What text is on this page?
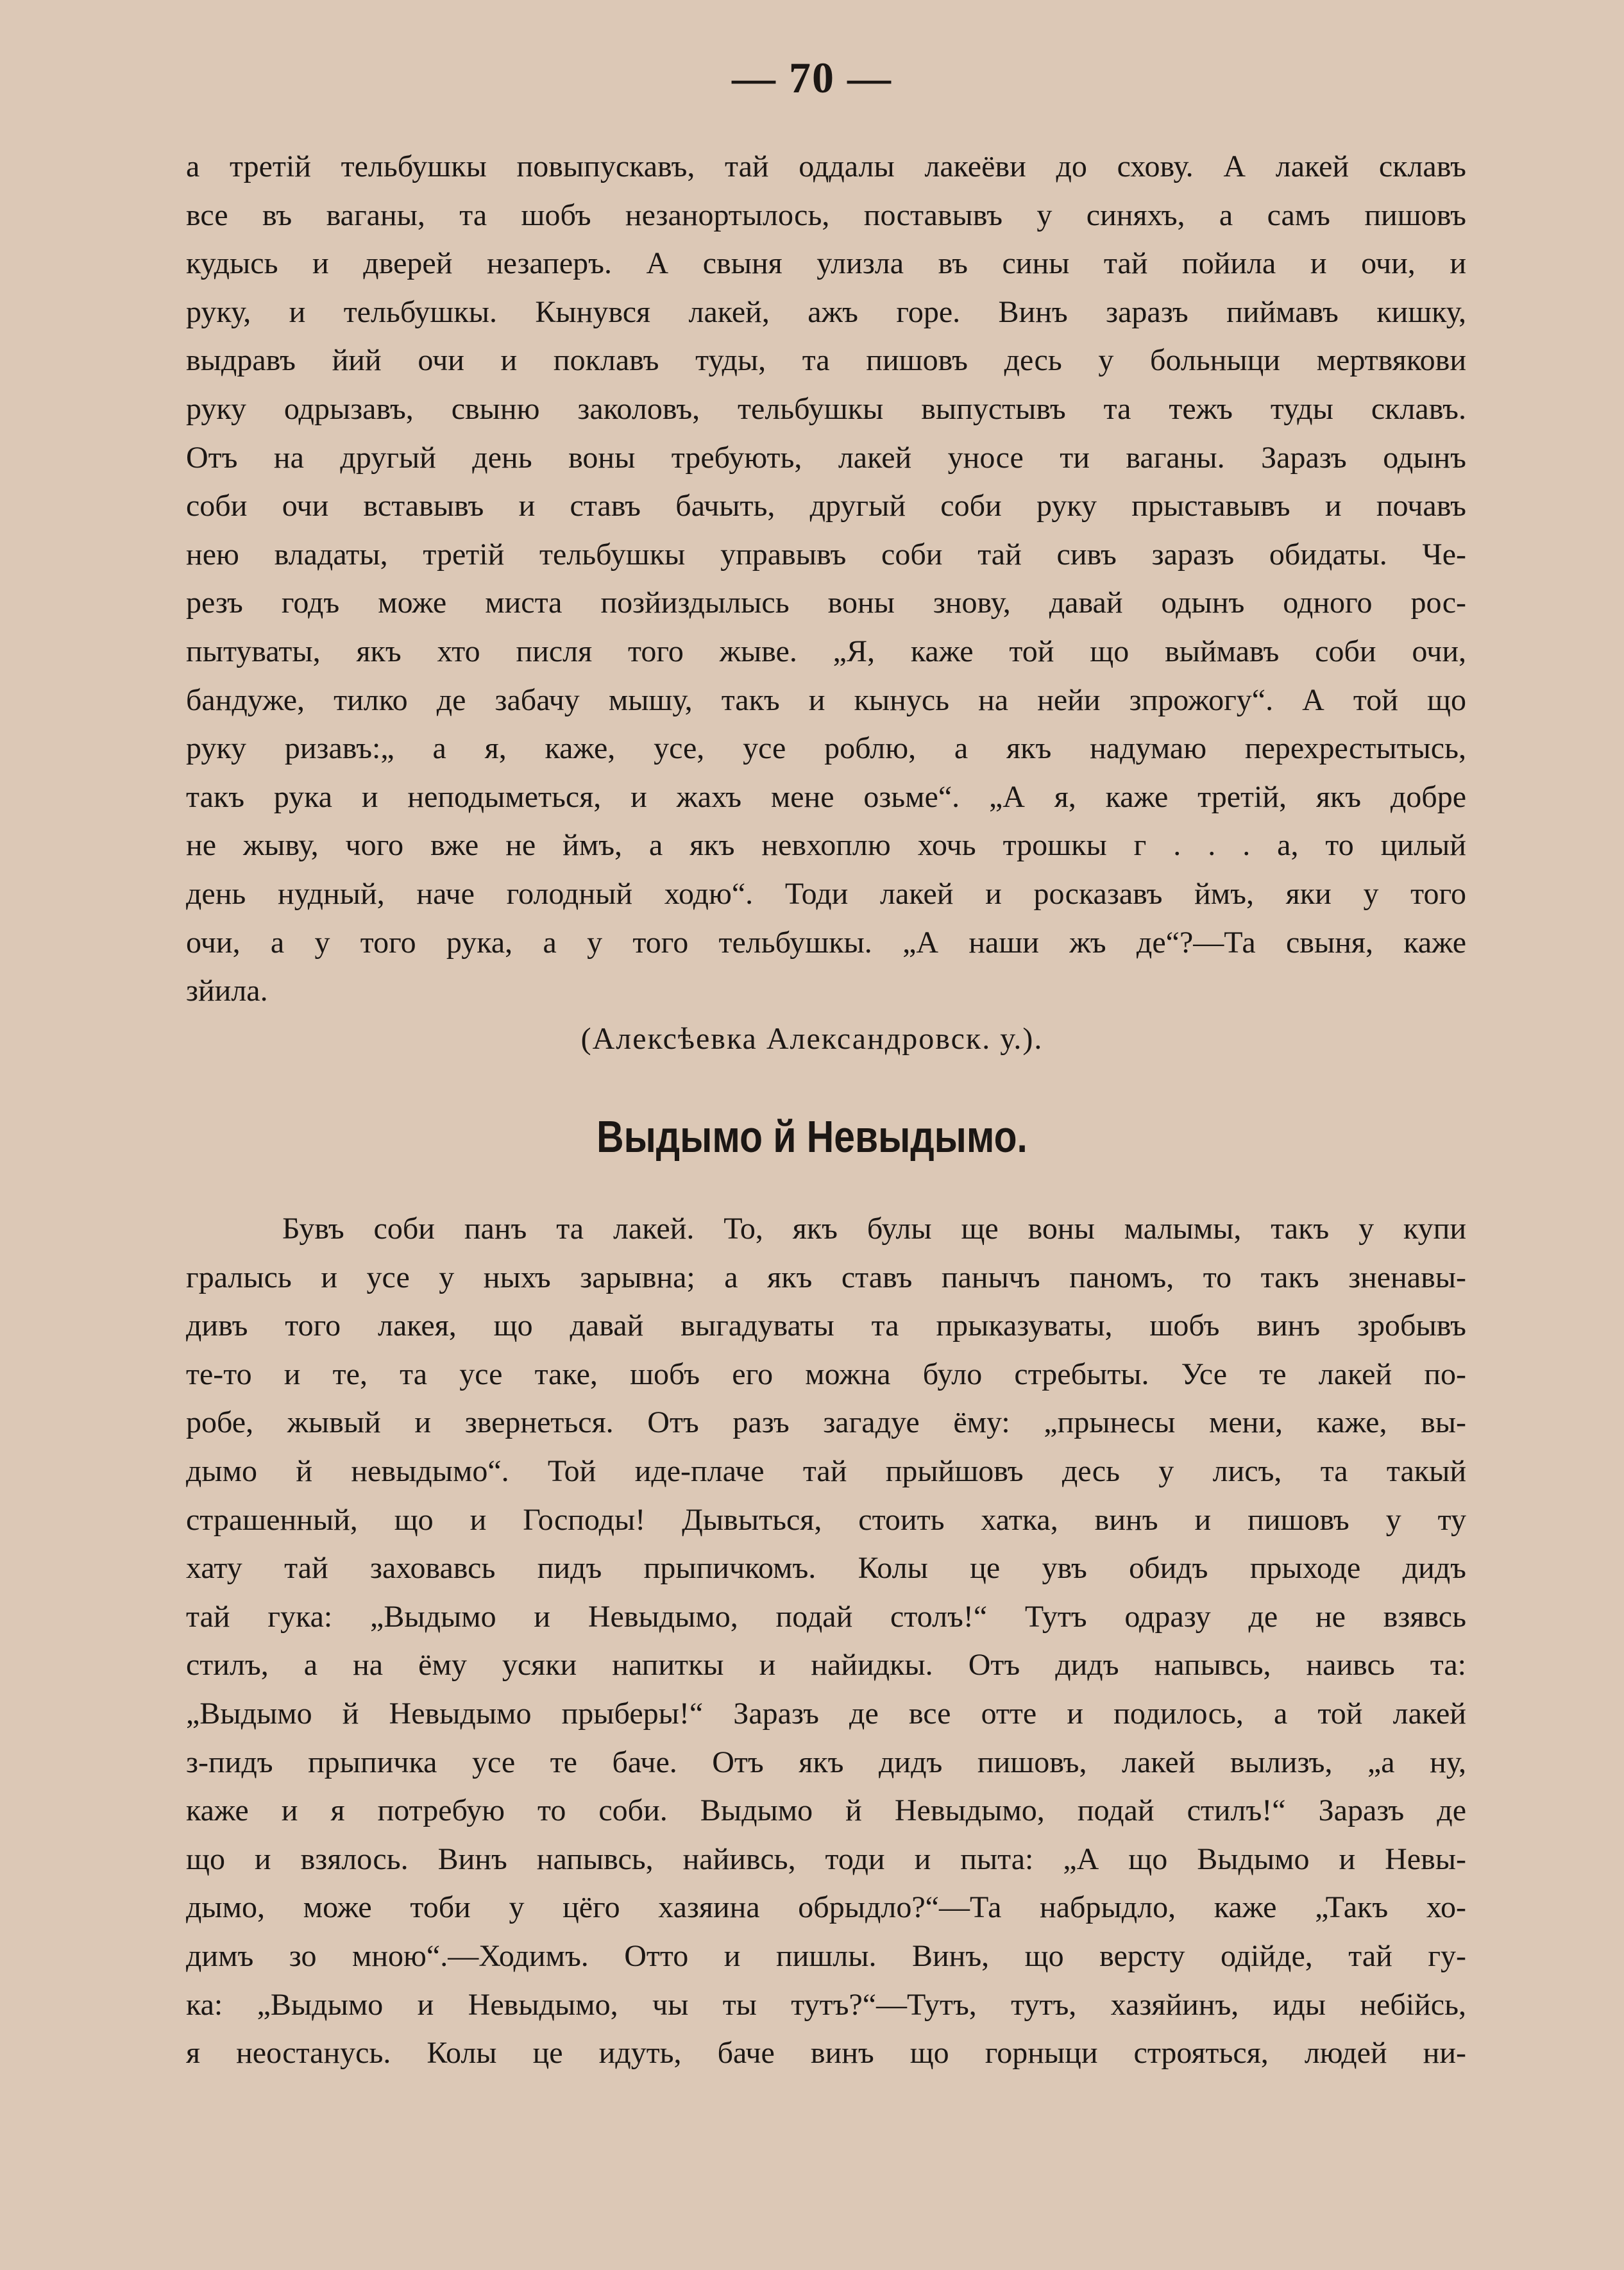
— 70 —
а третій тельбушкы повыпускавъ, тай оддалы лакеёви до схову. А лакей склавъ
все въ ваганы, та шобъ незанортылось, поставывъ у синяхъ, а самъ пишовъ
кудысь и дверей незаперъ. А свыня улизла въ сины тай пойила и очи, и
руку, и тельбушкы. Кынувся лакей, ажъ горе. Винъ заразъ пиймавъ кишку,
выдравъ йий очи и поклавъ туды, та пишовъ десь у больныци мертвякови
руку одрызавъ, свыню заколовъ, тельбушкы выпустывъ та тежъ туды склавъ.
Отъ на другый день воны требують, лакей уносе ти ваганы. Заразъ одынъ
соби очи вставывъ и ставъ бачыть, другый соби руку прыставывъ и почавъ
нею владаты, третій тельбушкы управывъ соби тай сивъ заразъ обидаты. Че-
резъ годъ може миста позйиздылысь воны знову, давай одынъ одного рос-
пытуваты, якъ хто писля того жыве. „Я, каже той що выймавъ соби очи,
бандуже, тилко де забачу мышу, такъ и кынусь на нейи зпрожогу“. А той що
руку ризавъ:„ а я, каже, усе, усе роблю, а якъ надумаю перехрестытысь,
такъ рука и неподыметься, и жахъ мене озьме“. „А я, каже третій, якъ добре
не жыву, чого вже не ймъ, а якъ невхоплю хочь трошкы г . . . а, то цилый
день нудный, наче голодный ходю“. Тоди лакей и росказавъ ймъ, яки у того
очи, а у того рука, а у того тельбушкы. „А наши жъ де“?—Та свыня, каже
зйила.
(Алексѣевка Александровск. у.).
Выдымо й Невыдымо.
Бувъ соби панъ та лакей. То, якъ булы ще воны малымы, такъ у купи
гралысь и усе у ныхъ зарывна; а якъ ставъ панычъ паномъ, то такъ зненавы-
дивъ того лакея, що давай выгадуваты та прыказуваты, шобъ винъ зробывъ
те-то и те, та усе таке, шобъ его можна було стребыты. Усе те лакей по-
робе, жывый и звернеться. Отъ разъ загадуе ёму: „прынесы мени, каже, вы-
дымо й невыдымо“. Той иде-плаче тай прыйшовъ десь у лисъ, та такый
страшенный, що и Господы! Дывыться, стоить хатка, винъ и пишовъ у ту
хату тай заховавсь пидъ прыпичкомъ. Колы це увъ обидъ прыходе дидъ
тай гука: „Выдымо и Невыдымо, подай столъ!“ Тутъ одразу де не взявсь
стилъ, а на ёму усяки напиткы и найидкы. Отъ дидъ напывсь, наивсь та:
„Выдымо й Невыдымо прыберы!“ Заразъ де все отте и подилось, а той лакей
з-пидъ прыпичка усе те баче. Отъ якъ дидъ пишовъ, лакей вылизъ, „а ну,
каже и я потребую то соби. Выдымо й Невыдымо, подай стилъ!“ Заразъ де
що и взялось. Винъ напывсь, найивсь, тоди и пыта: „А що Выдымо и Невы-
дымо, може тоби у цёго хазяина обрыдло?“—Та набрыдло, каже „Такъ хо-
димъ зо мною“.—Ходимъ. Отто и пишлы. Винъ, що версту одійде, тай гу-
ка: „Выдымо и Невыдымо, чы ты тутъ?“—Тутъ, тутъ, хазяйинъ, иды небійсь,
я неостанусь. Колы це идуть, баче винъ що горныци строяться, людей ни-
